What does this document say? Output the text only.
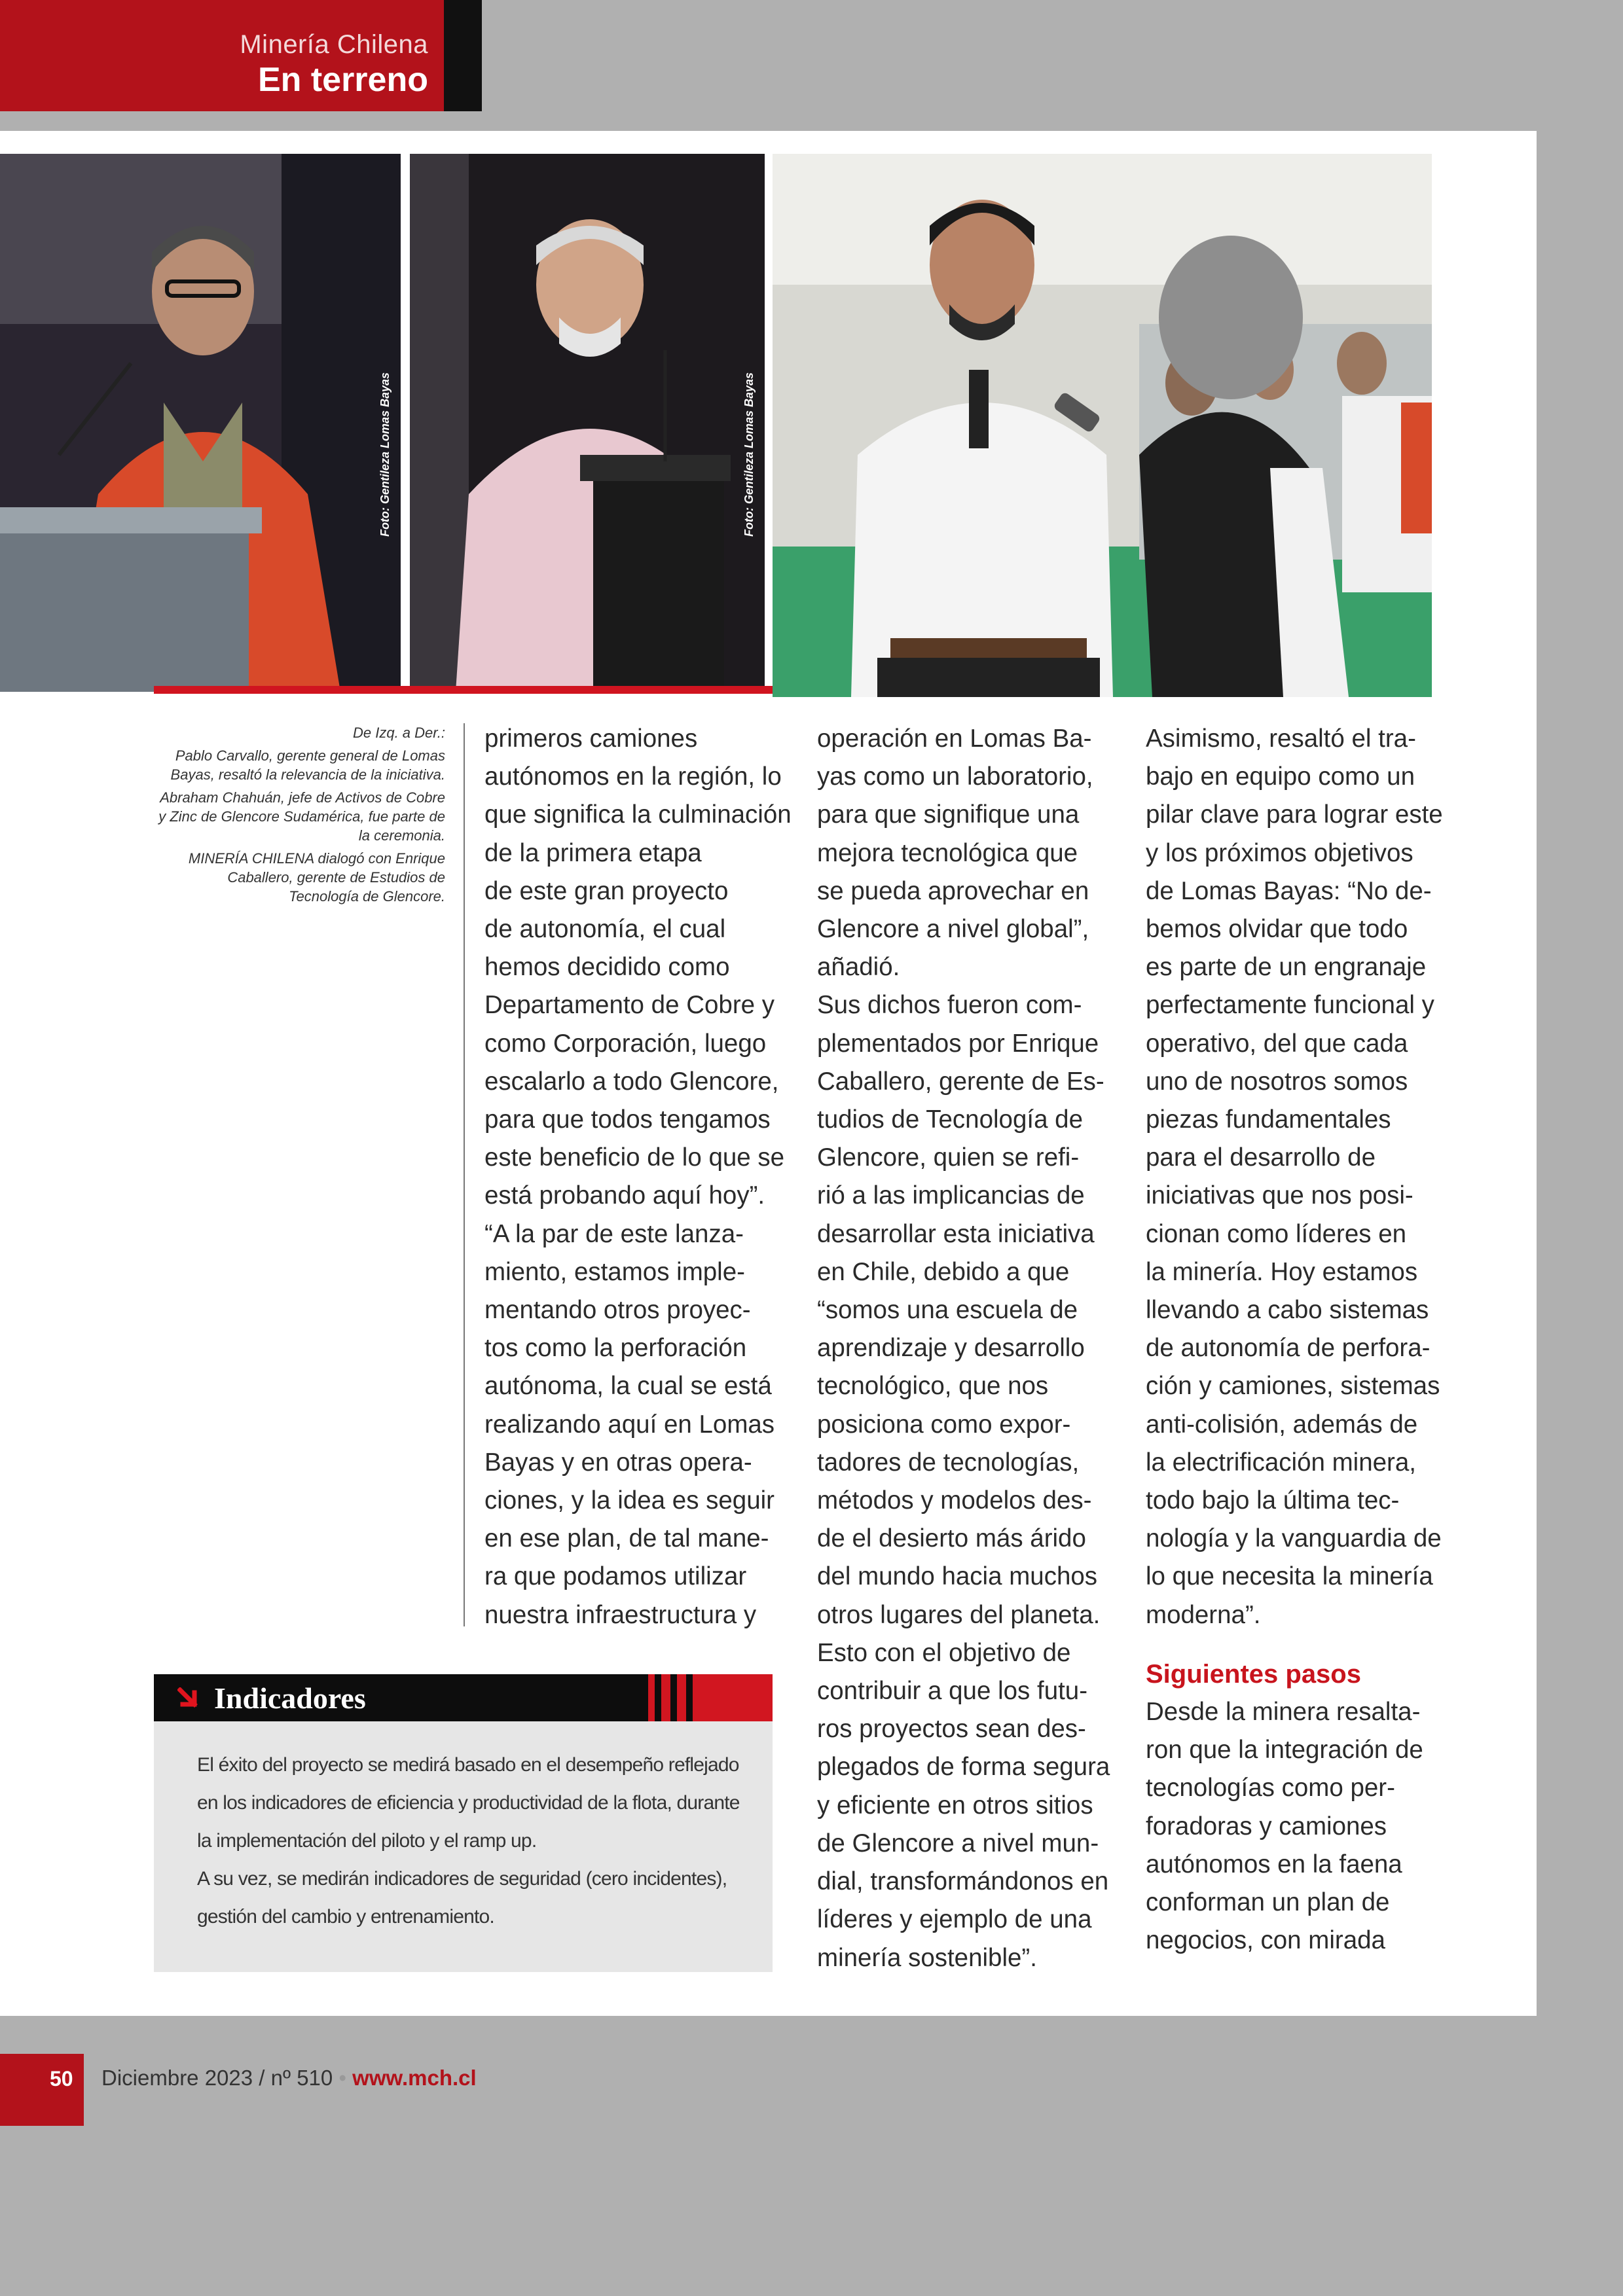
Minería Chilena
En terreno
Foto: Gentileza Lomas Bayas	Foto: Gentileza Lomas Bayas

De Izq. a Der.:

Pablo Carvallo, gerente general de Lomas Bayas, resaltó la relevancia de la iniciativa.

Abraham Chahuán, jefe de Activos de Cobre y Zinc de Glencore Sudamérica, fue parte de la ceremonia.

MINERÍA CHILENA dialogó con Enrique Caballero, gerente de Estudios de Tecnología de Glencore.

primeros camiones
autónomos en la región, lo
que significa la culminación
de la primera etapa
de este gran proyecto
de autonomía, el cual
hemos decidido como
Departamento de Cobre y
como Corporación, luego
escalarlo a todo Glencore,
para que todos tengamos
este beneficio de lo que se
está probando aquí hoy”.
“A la par de este lanza-
miento, estamos imple-
mentando otros proyec-
tos como la perforación
autónoma, la cual se está
realizando aquí en Lomas
Bayas y en otras opera-
ciones, y la idea es seguir
en ese plan, de tal mane-
ra que podamos utilizar
nuestra infraestructura y
operación en Lomas Ba-
yas como un laboratorio,
para que signifique una
mejora tecnológica que
se pueda aprovechar en
Glencore a nivel global”,
añadió.
Sus dichos fueron com-
plementados por Enrique
Caballero, gerente de Es-
tudios de Tecnología de
Glencore, quien se refi-
rió a las implicancias de
desarrollar esta iniciativa
en Chile, debido a que
“somos una escuela de
aprendizaje y desarrollo
tecnológico, que nos
posiciona como expor-
tadores de tecnologías,
métodos y modelos des-
de el desierto más árido
del mundo hacia muchos
otros lugares del planeta.
Esto con el objetivo de
contribuir a que los futu-
ros proyectos sean des-
plegados de forma segura
y eficiente en otros sitios
de Glencore a nivel mun-
dial, transformándonos en
líderes y ejemplo de una
minería sostenible”.
Asimismo, resaltó el tra-
bajo en equipo como un
pilar clave para lograr este
y los próximos objetivos
de Lomas Bayas: “No de-
bemos olvidar que todo
es parte de un engranaje
perfectamente funcional y
operativo, del que cada
uno de nosotros somos
piezas fundamentales
para el desarrollo de
iniciativas que nos posi-
cionan como líderes en
la minería. Hoy estamos
llevando a cabo sistemas
de autonomía de perfora-
ción y camiones, sistemas
anti-colisión, además de
la electrificación minera,
todo bajo la última tec-
nología y la vanguardia de
lo que necesita la minería
moderna”.
Siguientes pasos
Desde la minera resalta-
ron que la integración de
tecnologías como per-
foradoras y camiones
autónomos en la faena
conforman un plan de
negocios, con mirada
Indicadores

El éxito del proyecto se medirá basado en el desempeño reflejado

en los indicadores de eficiencia y productividad de la flota, durante

la implementación del piloto y el ramp up.

A su vez, se medirán indicadores de seguridad (cero incidentes),

gestión del cambio y entrenamiento.

50 Diciembre 2023 / nº 510 • www.mch.cl
